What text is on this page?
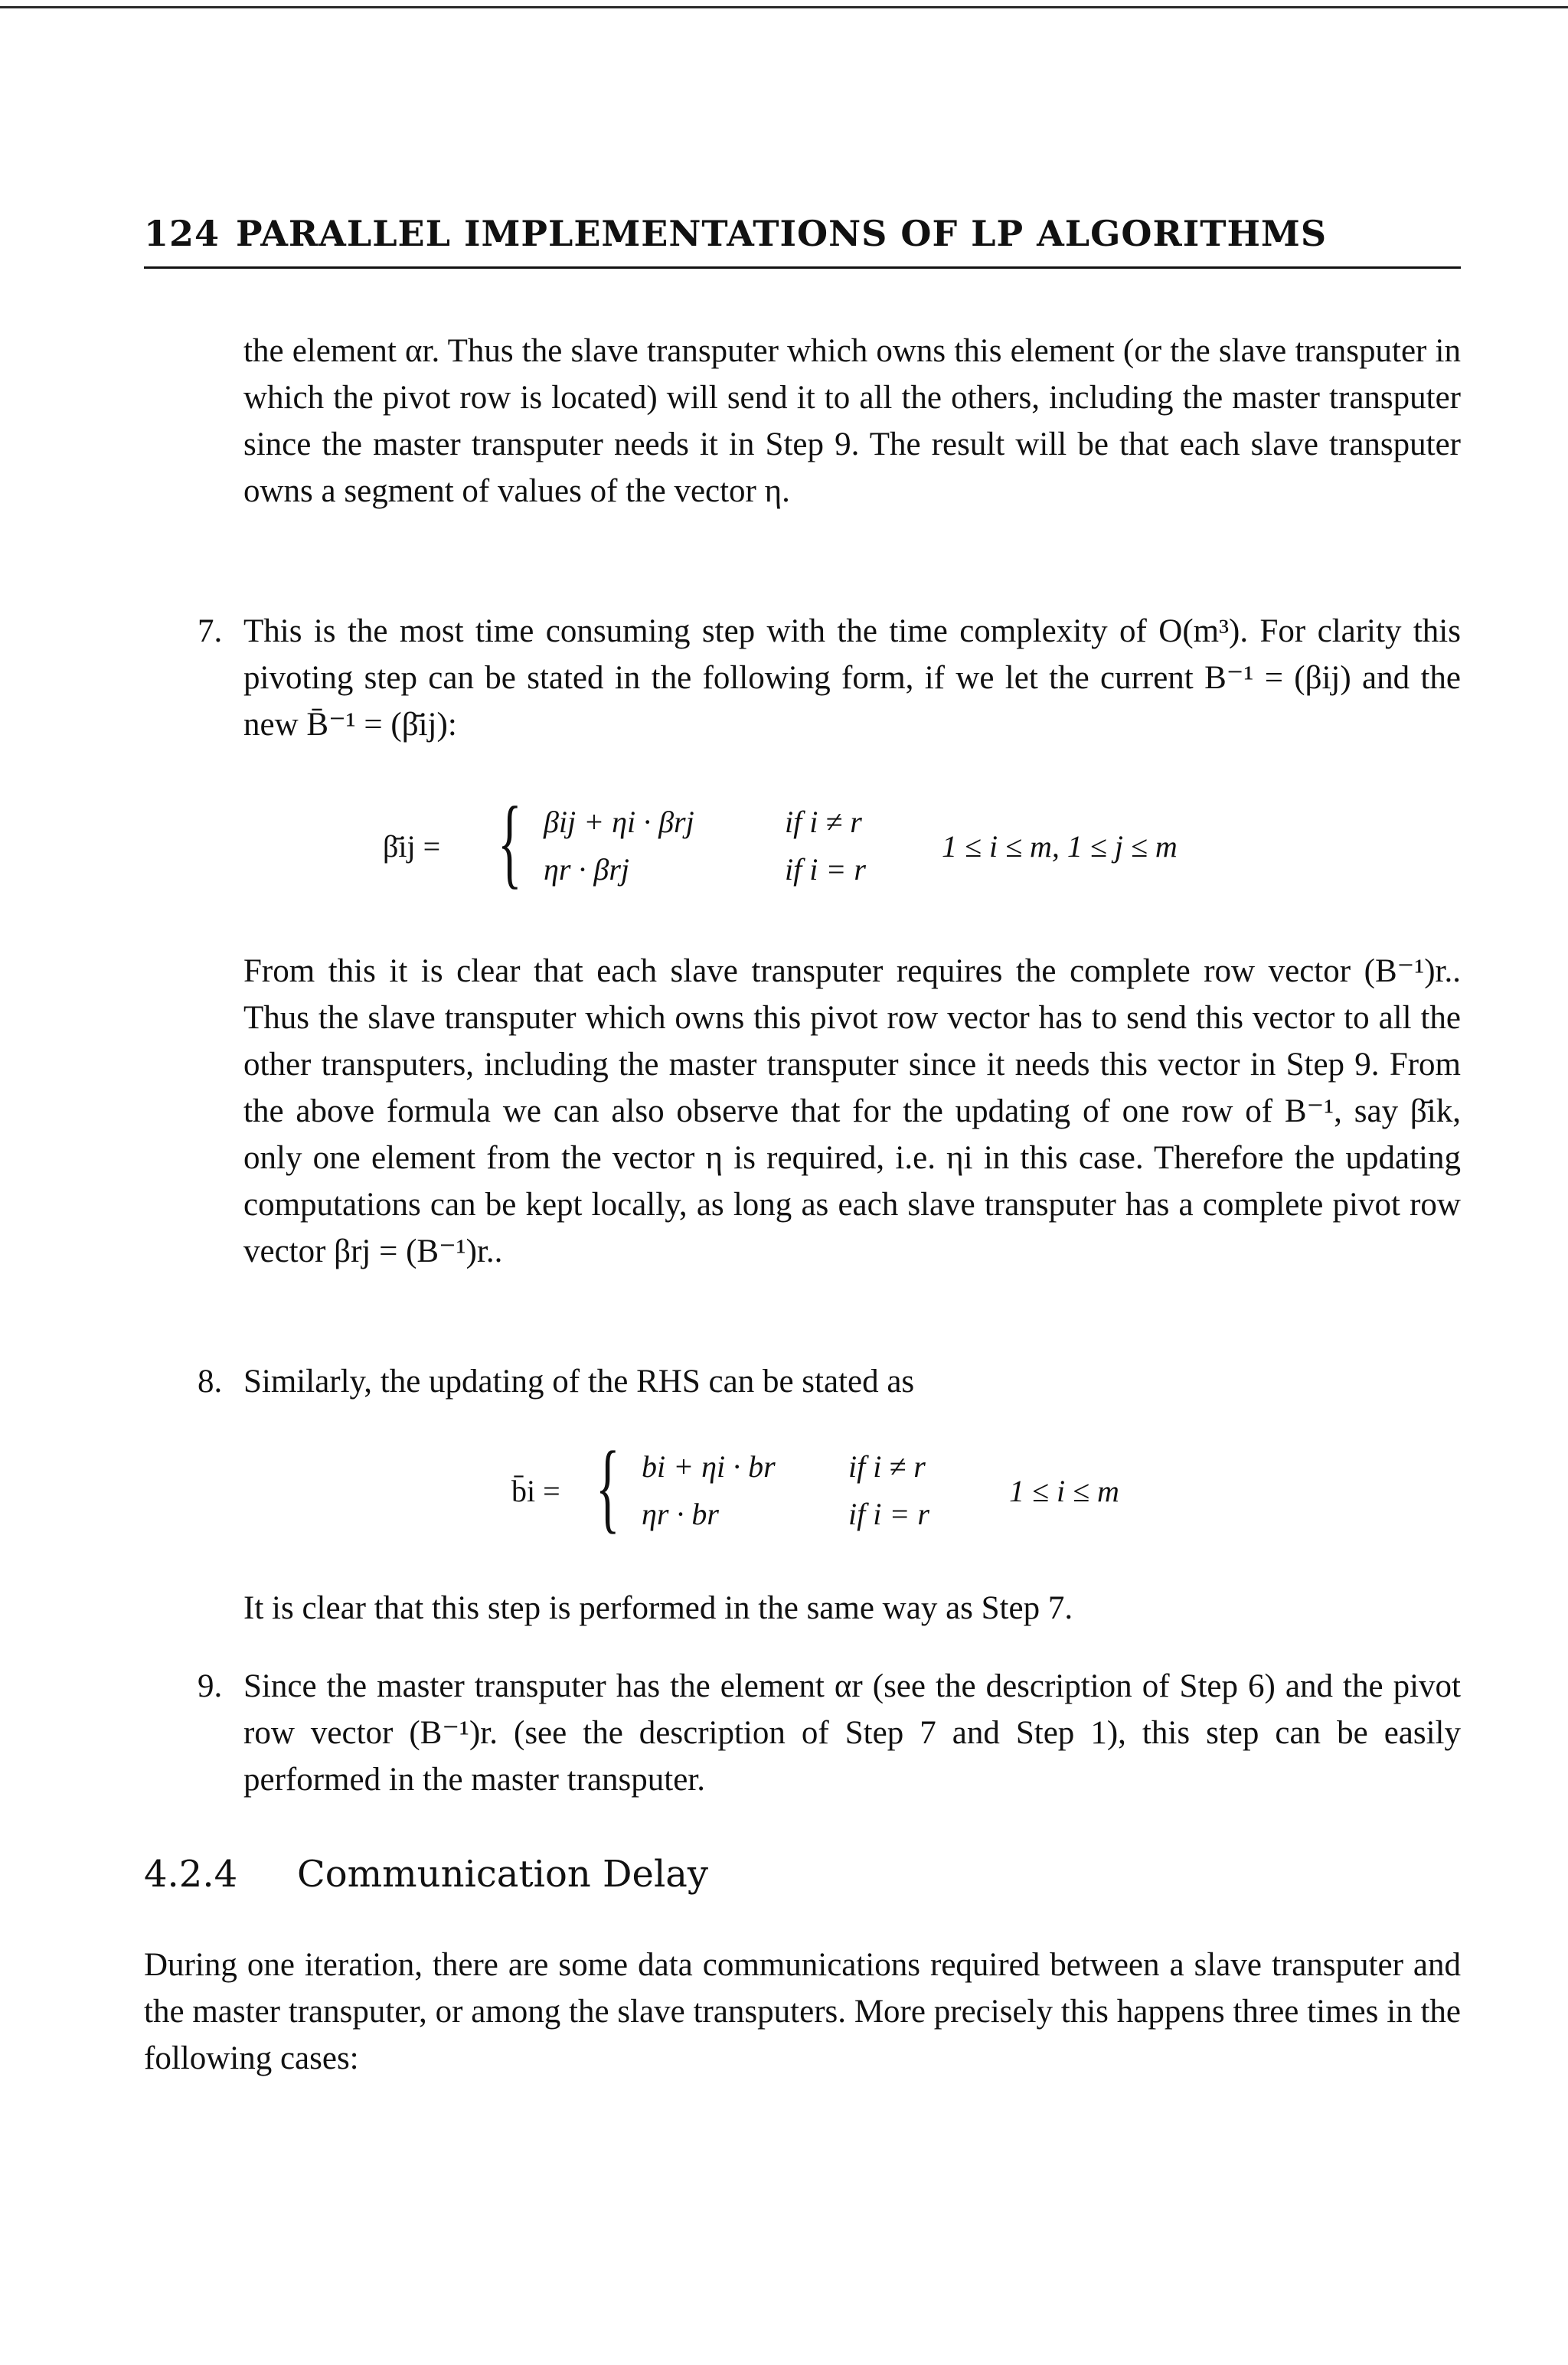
124 PARALLEL IMPLEMENTATIONS OF LP ALGORITHMS
the element αr. Thus the slave transputer which owns this element (or the slave transputer in which the pivot row is located) will send it to all the others, including the master transputer since the master transputer needs it in Step 9. The result will be that each slave transputer owns a segment of values of the vector η.
7. This is the most time consuming step with the time complexity of O(m³). For clarity this pivoting step can be stated in the following form, if we let the current B⁻¹ = (βij) and the new B̄⁻¹ = (β̄ij):
β̄ij = { βij + ηi · βrj	if i ≠ r
ηr · βrj	if i = r
1 ≤ i ≤ m, 1 ≤ j ≤ m
From this it is clear that each slave transputer requires the complete row vector (B⁻¹)r.. Thus the slave transputer which owns this pivot row vector has to send this vector to all the other transputers, including the master transputer since it needs this vector in Step 9. From the above formula we can also observe that for the updating of one row of B⁻¹, say β̄ik, only one element from the vector η is required, i.e. ηi in this case. Therefore the updating computations can be kept locally, as long as each slave transputer has a complete pivot row vector βrj = (B⁻¹)r..
8. Similarly, the updating of the RHS can be stated as
b̄i = { bi + ηi · br if i ≠ r
ηr · br	if i = r
1 ≤ i ≤ m
It is clear that this step is performed in the same way as Step 7.
9. Since the master transputer has the element αr (see the description of Step 6) and the pivot row vector (B⁻¹)r. (see the description of Step 7 and Step 1), this step can be easily performed in the master transputer.
4.2.4 Communication Delay
During one iteration, there are some data communications required between a slave transputer and the master transputer, or among the slave transputers. More precisely this happens three times in the following cases:
